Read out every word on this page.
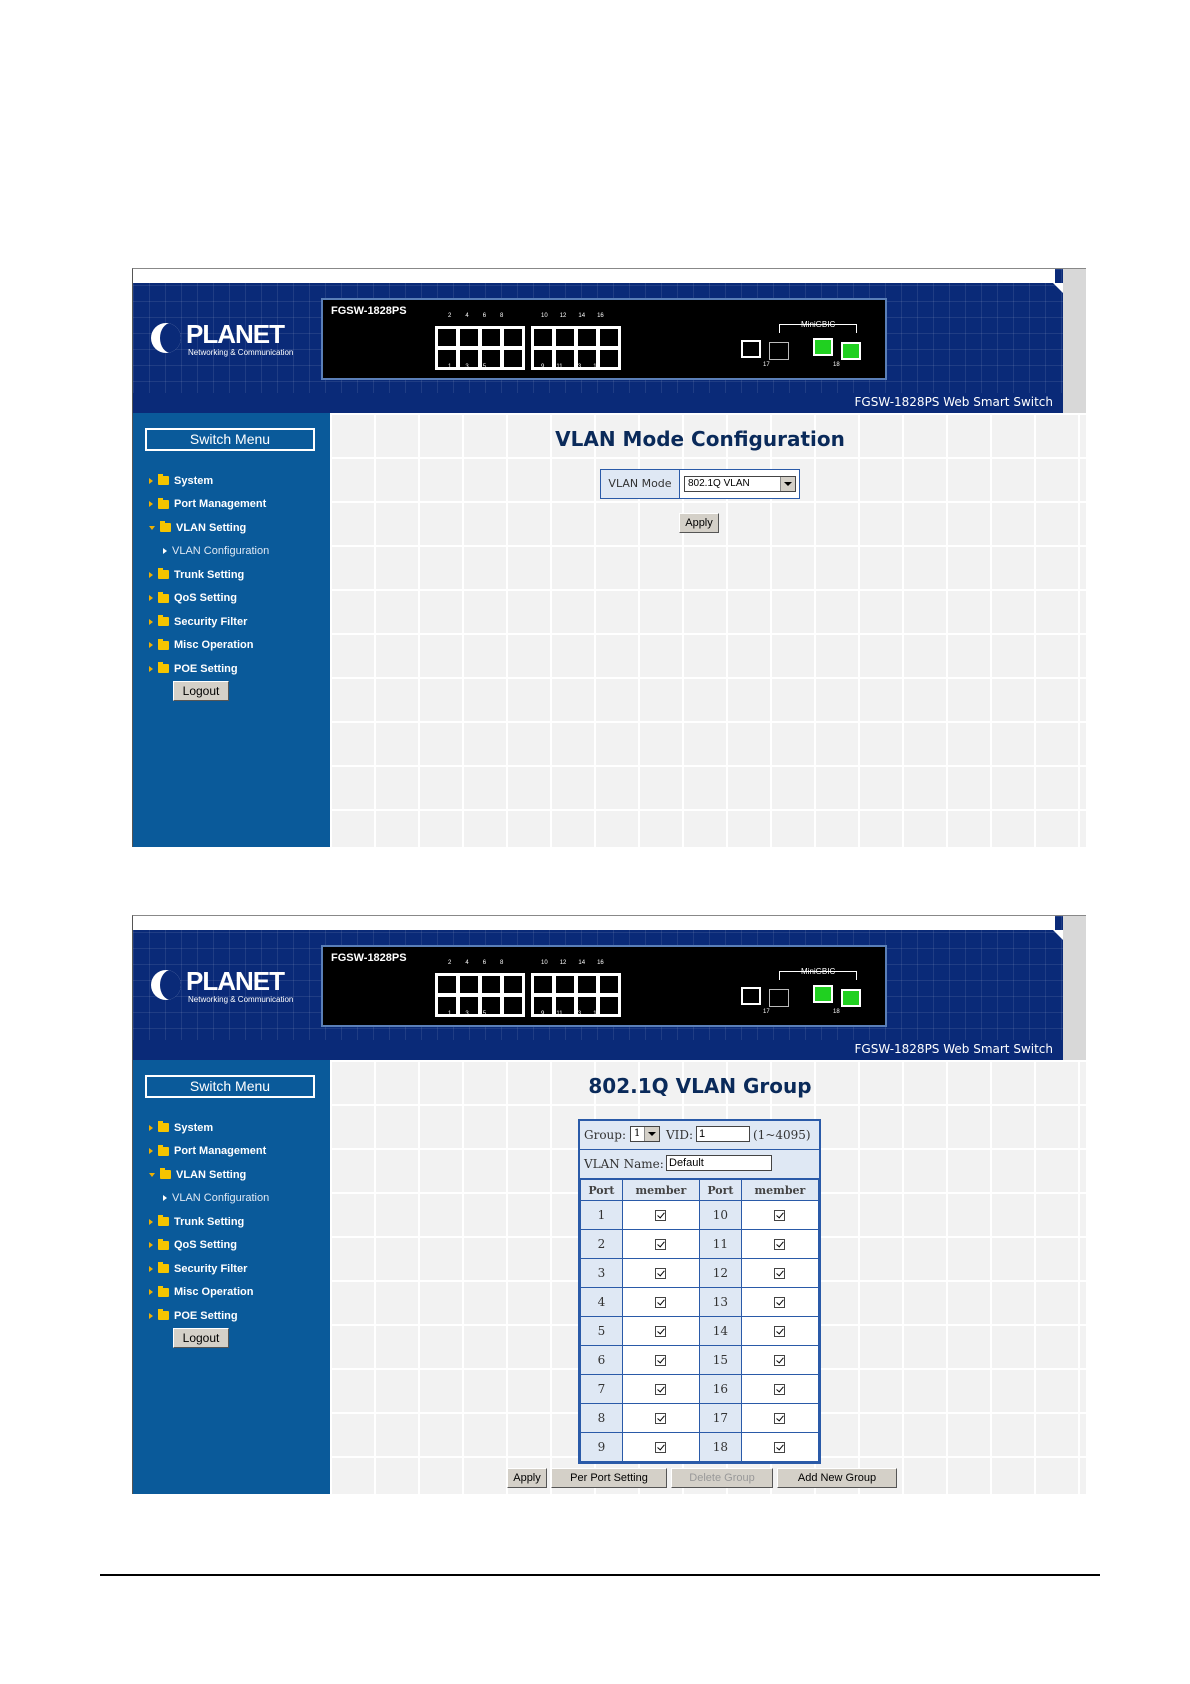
PLANET
Networking & Communication
FGSW-1828PS	2 4 6 8	10 12 14 16
1 3 5 7	9 11 13 15
MiniGBIC
17	18
FGSW-1828PS Web Smart Switch
Switch Menu
System
Port Management
VLAN Setting
VLAN Configuration
Trunk Setting
QoS Setting
Security Filter
Misc Operation
POE Setting
Logout
VLAN Mode Configuration
VLAN Mode	802.1Q VLAN
Apply
PLANET
Networking & Communication
FGSW-1828PS	2 4 6 8	10 12 14 16
1 3 5 7	9 11 13 15
MiniGBIC
17	18
FGSW-1828PS Web Smart Switch
Switch Menu
System
Port Management
VLAN Setting
VLAN Configuration
Trunk Setting
QoS Setting
Security Filter
Misc Operation
POE Setting
Logout
802.1Q VLAN Group
Group: 1	VID: 1	(1~4095)
VLAN Name: Default
Port	member	Port	member
1		10	
2		11	
3		12	
4		13	
5		14	
6		15	
7		16	
8		17	
9		18	
Apply	Per Port Setting	Delete Group	Add New Group
